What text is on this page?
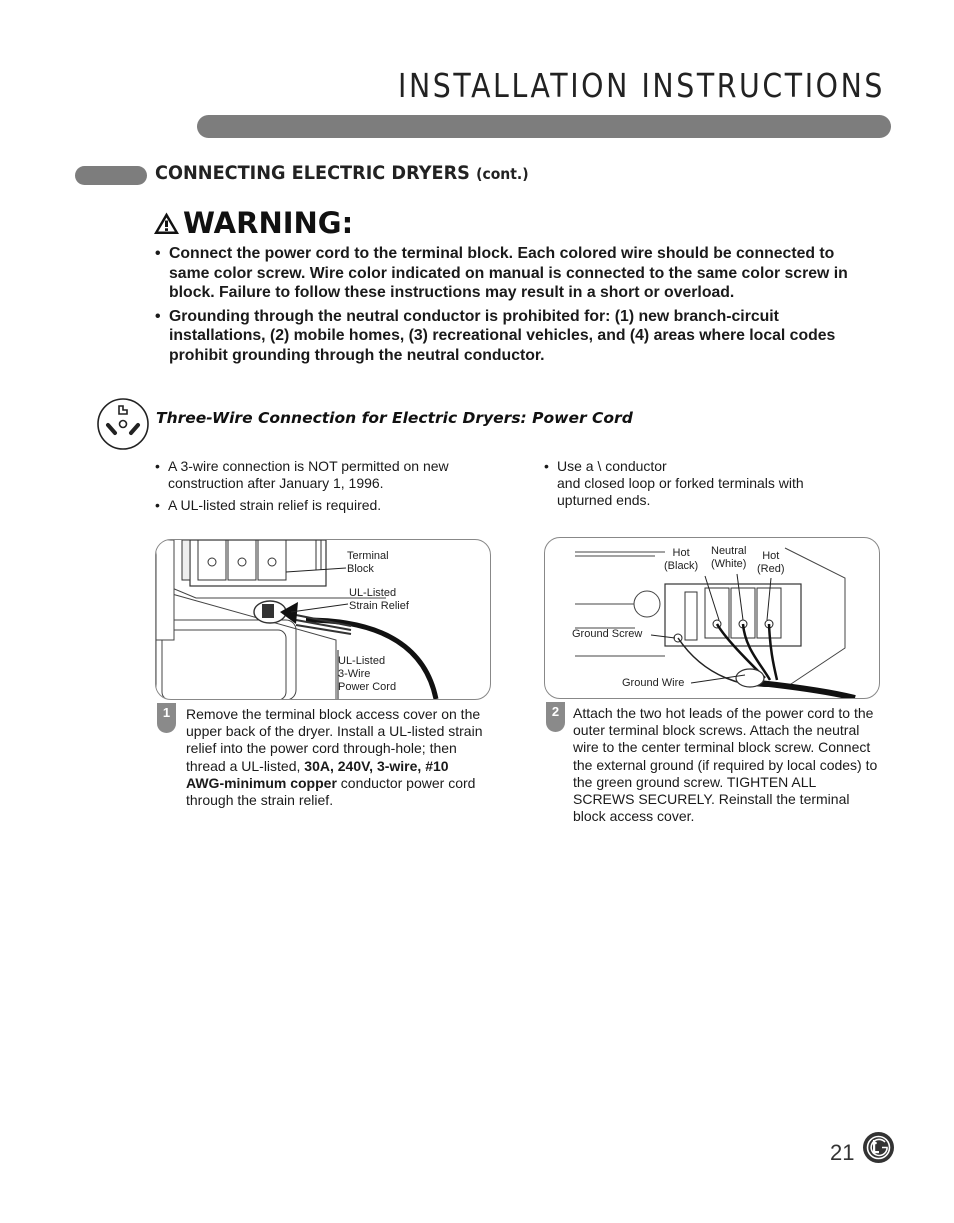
INSTALLATION INSTRUCTIONS
CONNECTING ELECTRIC DRYERS (cont.)
WARNING:
• Connect the power cord to the terminal block. Each colored wire should be connected to same color screw. Wire color indicated on manual is connected to the same color screw in block. Failure to follow these instructions may result in a short or overload.
• Grounding through the neutral conductor is prohibited for: (1) new branch-circuit installations, (2) mobile homes, (3) recreational vehicles, and (4) areas where local codes prohibit grounding through the neutral conductor.
Three-Wire Connection for Electric Dryers: Power Cord
• A 3-wire connection is NOT permitted on new construction after January 1, 1996.
• A UL-listed strain relief is required.
• Use a \ conductor
and closed loop or forked terminals with upturned ends.
Terminal
Block
UL-Listed
Strain Relief
UL-Listed
3-Wire
Power Cord
1	Remove the terminal block access cover on the upper back of the dryer. Install a UL-listed strain relief into the power cord through-hole; then thread a UL-listed, 30A, 240V, 3-wire, #10 AWG-minimum copper conductor power cord through the strain relief.
Hot
(Black)
Neutral
(White)
Hot
(Red)
Ground Screw
Ground Wire
2 Attach the two hot leads of the power cord to the outer terminal block screws. Attach the neutral wire to the center terminal block screw. Connect the external ground (if required by local codes) to the green ground screw. TIGHTEN ALL SCREWS SECURELY. Reinstall the terminal block access cover.
21
